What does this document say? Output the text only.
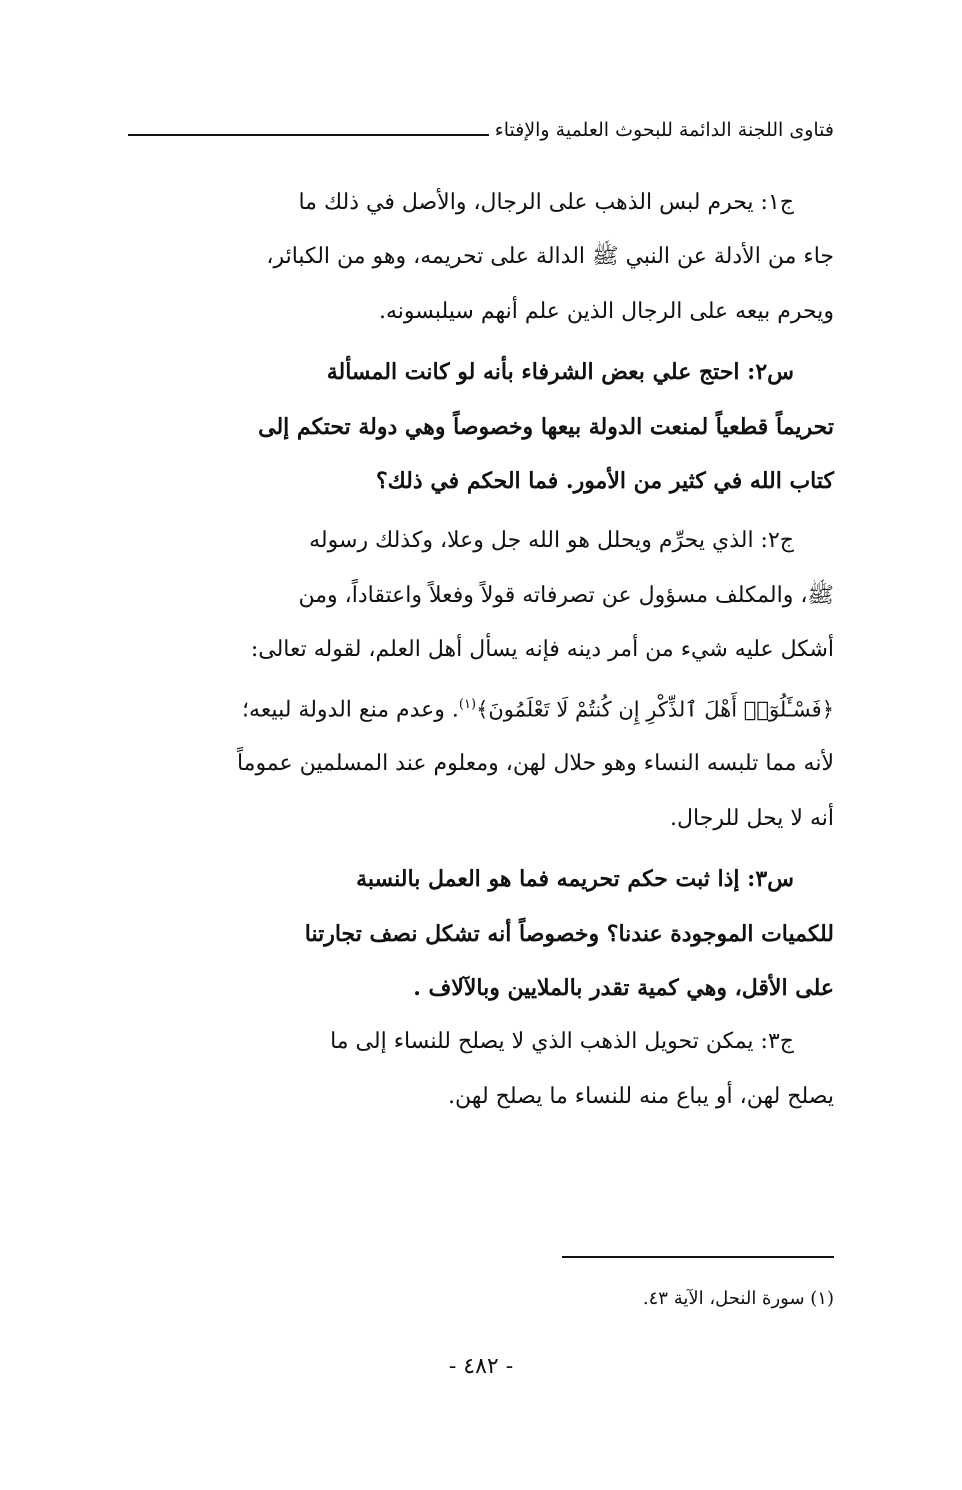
فتاوى اللجنة الدائمة للبحوث العلمية والإفتاء

ج١: يحرم لبس الذهب على الرجال، والأصل في ذلك ما
جاء من الأدلة عن النبي ﷺ الدالة على تحريمه، وهو من الكبائر،
ويحرم بيعه على الرجال الذين علم أنهم سيلبسونه.

س٢: احتج علي بعض الشرفاء بأنه لو كانت المسألة
تحريماً قطعياً لمنعت الدولة بيعها وخصوصاً وهي دولة تحتكم إلى
كتاب الله في كثير من الأمور. فما الحكم في ذلك؟

ج٢: الذي يحرِّم ويحلل هو الله جل وعلا، وكذلك رسوله
ﷺ، والمكلف مسؤول عن تصرفاته قولاً وفعلاً واعتقاداً، ومن
أشكل عليه شيء من أمر دينه فإنه يسأل أهل العلم، لقوله تعالى:
﴿فَسْـَٔلُوٓا۟ أَهْلَ ٱلذِّكْرِ إِن كُنتُمْ لَا تَعْلَمُونَ﴾$^{(١)}$. وعدم منع الدولة لبيعه؛
لأنه مما تلبسه النساء وهو حلال لهن، ومعلوم عند المسلمين عموماً
أنه لا يحل للرجال.

س٣: إذا ثبت حكم تحريمه فما هو العمل بالنسبة
للكميات الموجودة عندنا؟ وخصوصاً أنه تشكل نصف تجارتنا
على الأقل، وهي كمية تقدر بالملايين وبالآلاف .

ج٣: يمكن تحويل الذهب الذي لا يصلح للنساء إلى ما
يصلح لهن، أو يباع منه للنساء ما يصلح لهن.

(١) سورة النحل، الآية ٤٣.
- ٤٨٢ -
